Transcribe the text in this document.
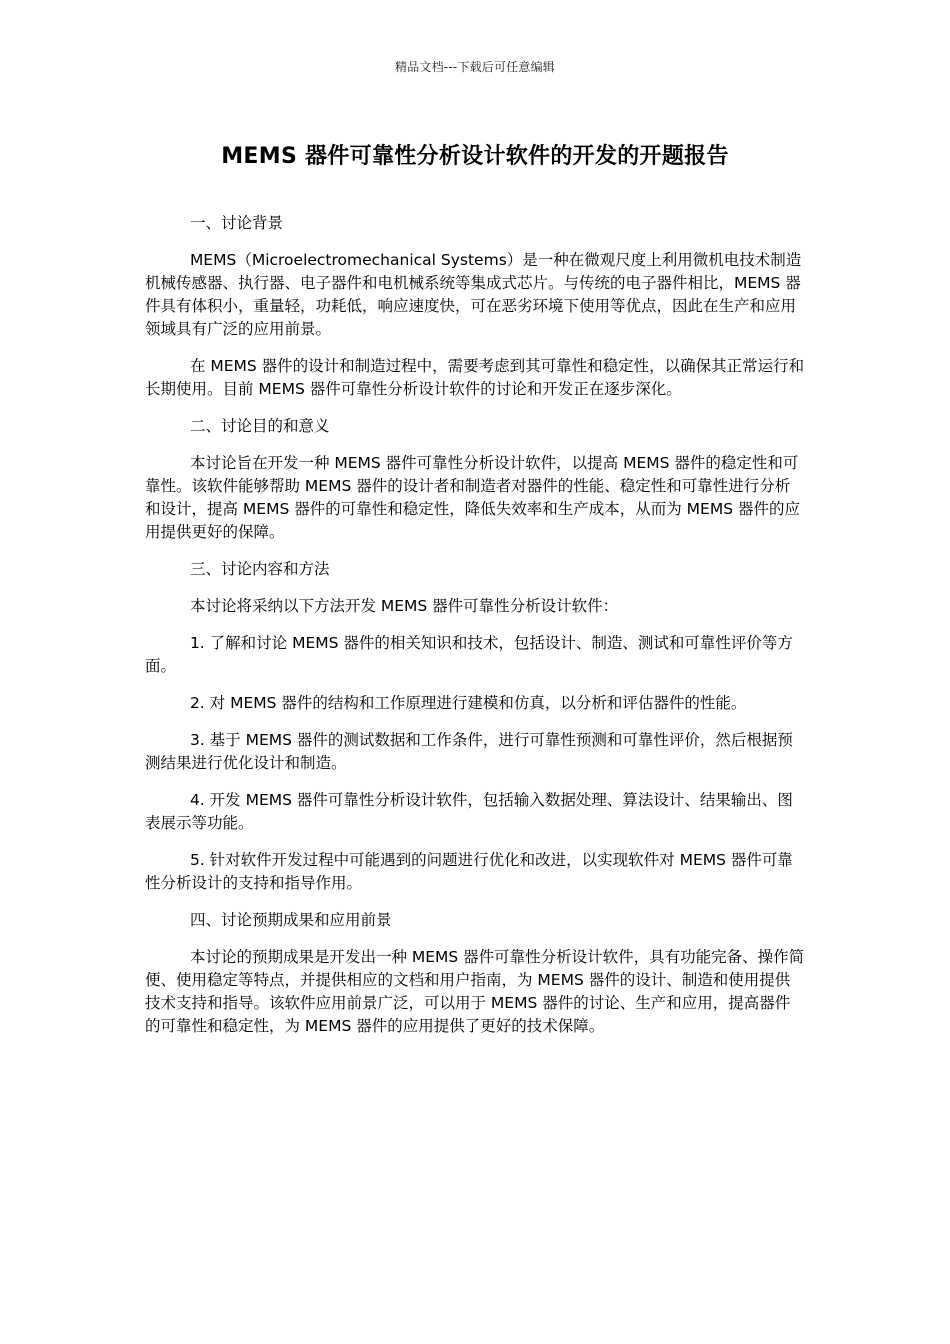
精品文档---下载后可任意编辑
MEMS 器件可靠性分析设计软件的开发的开题报告

一、讨论背景

MEMS（Microelectromechanical Systems）是一种在微观尺度上利用微机电技术制造机械传感器、执行器、电子器件和电机械系统等集成式芯片。与传统的电子器件相比，MEMS 器件具有体积小，重量轻，功耗低，响应速度快，可在恶劣环境下使用等优点，因此在生产和应用领域具有广泛的应用前景。

在 MEMS 器件的设计和制造过程中，需要考虑到其可靠性和稳定性，以确保其正常运行和长期使用。目前 MEMS 器件可靠性分析设计软件的讨论和开发正在逐步深化。

二、讨论目的和意义

本讨论旨在开发一种 MEMS 器件可靠性分析设计软件，以提高 MEMS 器件的稳定性和可靠性。该软件能够帮助 MEMS 器件的设计者和制造者对器件的性能、稳定性和可靠性进行分析和设计，提高 MEMS 器件的可靠性和稳定性，降低失效率和生产成本，从而为 MEMS 器件的应用提供更好的保障。

三、讨论内容和方法

本讨论将采纳以下方法开发 MEMS 器件可靠性分析设计软件：

1. 了解和讨论 MEMS 器件的相关知识和技术，包括设计、制造、测试和可靠性评价等方面。

2. 对 MEMS 器件的结构和工作原理进行建模和仿真，以分析和评估器件的性能。

3. 基于 MEMS 器件的测试数据和工作条件，进行可靠性预测和可靠性评价，然后根据预测结果进行优化设计和制造。

4. 开发 MEMS 器件可靠性分析设计软件，包括输入数据处理、算法设计、结果输出、图表展示等功能。

5. 针对软件开发过程中可能遇到的问题进行优化和改进，以实现软件对 MEMS 器件可靠性分析设计的支持和指导作用。

四、讨论预期成果和应用前景

本讨论的预期成果是开发出一种 MEMS 器件可靠性分析设计软件，具有功能完备、操作简便、使用稳定等特点，并提供相应的文档和用户指南，为 MEMS 器件的设计、制造和使用提供技术支持和指导。该软件应用前景广泛，可以用于 MEMS 器件的讨论、生产和应用，提高器件的可靠性和稳定性，为 MEMS 器件的应用提供了更好的技术保障。
